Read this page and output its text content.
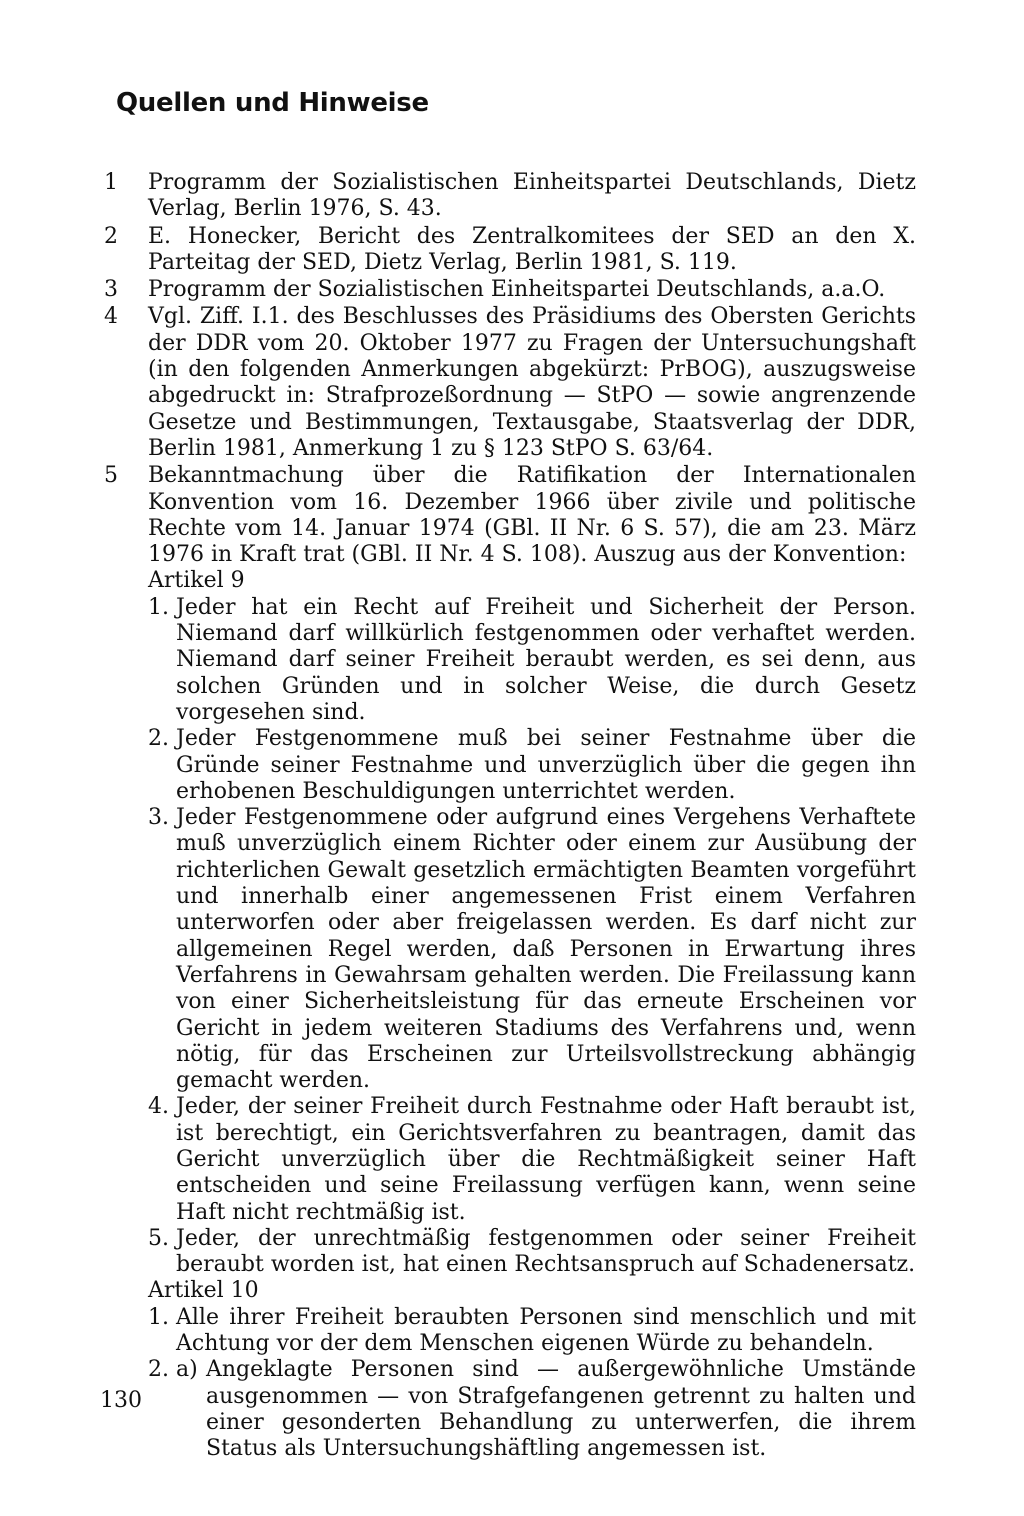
Quellen und Hinweise
1 Programm der Sozialistischen Einheitspartei Deutschlands, Dietz Verlag, Berlin 1976, S. 43.

2 E. Honecker, Bericht des Zentralkomitees der SED an den X. Parteitag der SED, Dietz Verlag, Berlin 1981, S. 119.

3 Programm der Sozialistischen Einheitspartei Deutschlands, a.a.O.

4 Vgl. Ziff. I.1. des Beschlusses des Präsidiums des Obersten Gerichts der DDR vom 20. Oktober 1977 zu Fragen der Untersuchungshaft (in den folgenden Anmerkungen abgekürzt: PrBOG), auszugsweise abgedruckt in: Strafprozeßordnung — StPO — sowie angrenzende Gesetze und Bestimmungen, Textausgabe, Staatsverlag der DDR, Berlin 1981, Anmerkung 1 zu § 123 StPO S. 63/64.

5 Bekanntmachung über die Ratifikation der Internationalen Konvention vom 16. Dezember 1966 über zivile und politische Rechte vom 14. Januar 1974 (GBl. II Nr. 6 S. 57), die am 23. März 1976 in Kraft trat (GBl. II Nr. 4 S. 108). Auszug aus der Konvention:

Artikel 9

1. Jeder hat ein Recht auf Freiheit und Sicherheit der Person. Niemand darf willkürlich festgenommen oder verhaftet werden. Niemand darf seiner Freiheit beraubt werden, es sei denn, aus solchen Gründen und in solcher Weise, die durch Gesetz vorgesehen sind.

2. Jeder Festgenommene muß bei seiner Festnahme über die Gründe seiner Festnahme und unverzüglich über die gegen ihn erhobenen Beschuldigungen unterrichtet werden.

3. Jeder Festgenommene oder aufgrund eines Vergehens Verhaftete muß unverzüglich einem Richter oder einem zur Ausübung der richterlichen Gewalt gesetzlich ermächtigten Beamten vorgeführt und innerhalb einer angemessenen Frist einem Verfahren unterworfen oder aber freigelassen werden. Es darf nicht zur allgemeinen Regel werden, daß Personen in Erwartung ihres Verfahrens in Gewahrsam gehalten werden. Die Freilassung kann von einer Sicherheitsleistung für das erneute Erscheinen vor Gericht in jedem weiteren Stadiums des Verfahrens und, wenn nötig, für das Erscheinen zur Urteilsvollstreckung abhängig gemacht werden.

4. Jeder, der seiner Freiheit durch Festnahme oder Haft beraubt ist, ist berechtigt, ein Gerichtsverfahren zu beantragen, damit das Gericht unverzüglich über die Rechtmäßigkeit seiner Haft entscheiden und seine Freilassung verfügen kann, wenn seine Haft nicht rechtmäßig ist.

5. Jeder, der unrechtmäßig festgenommen oder seiner Freiheit beraubt worden ist, hat einen Rechtsanspruch auf Schadenersatz.

Artikel 10

1. Alle ihrer Freiheit beraubten Personen sind menschlich und mit Achtung vor der dem Menschen eigenen Würde zu behandeln.

2. a) Angeklagte Personen sind — außergewöhnliche Umstände ausgenommen — von Strafgefangenen getrennt zu halten und einer gesonderten Behandlung zu unterwerfen, die ihrem Status als Untersuchungshäftling angemessen ist.

130
